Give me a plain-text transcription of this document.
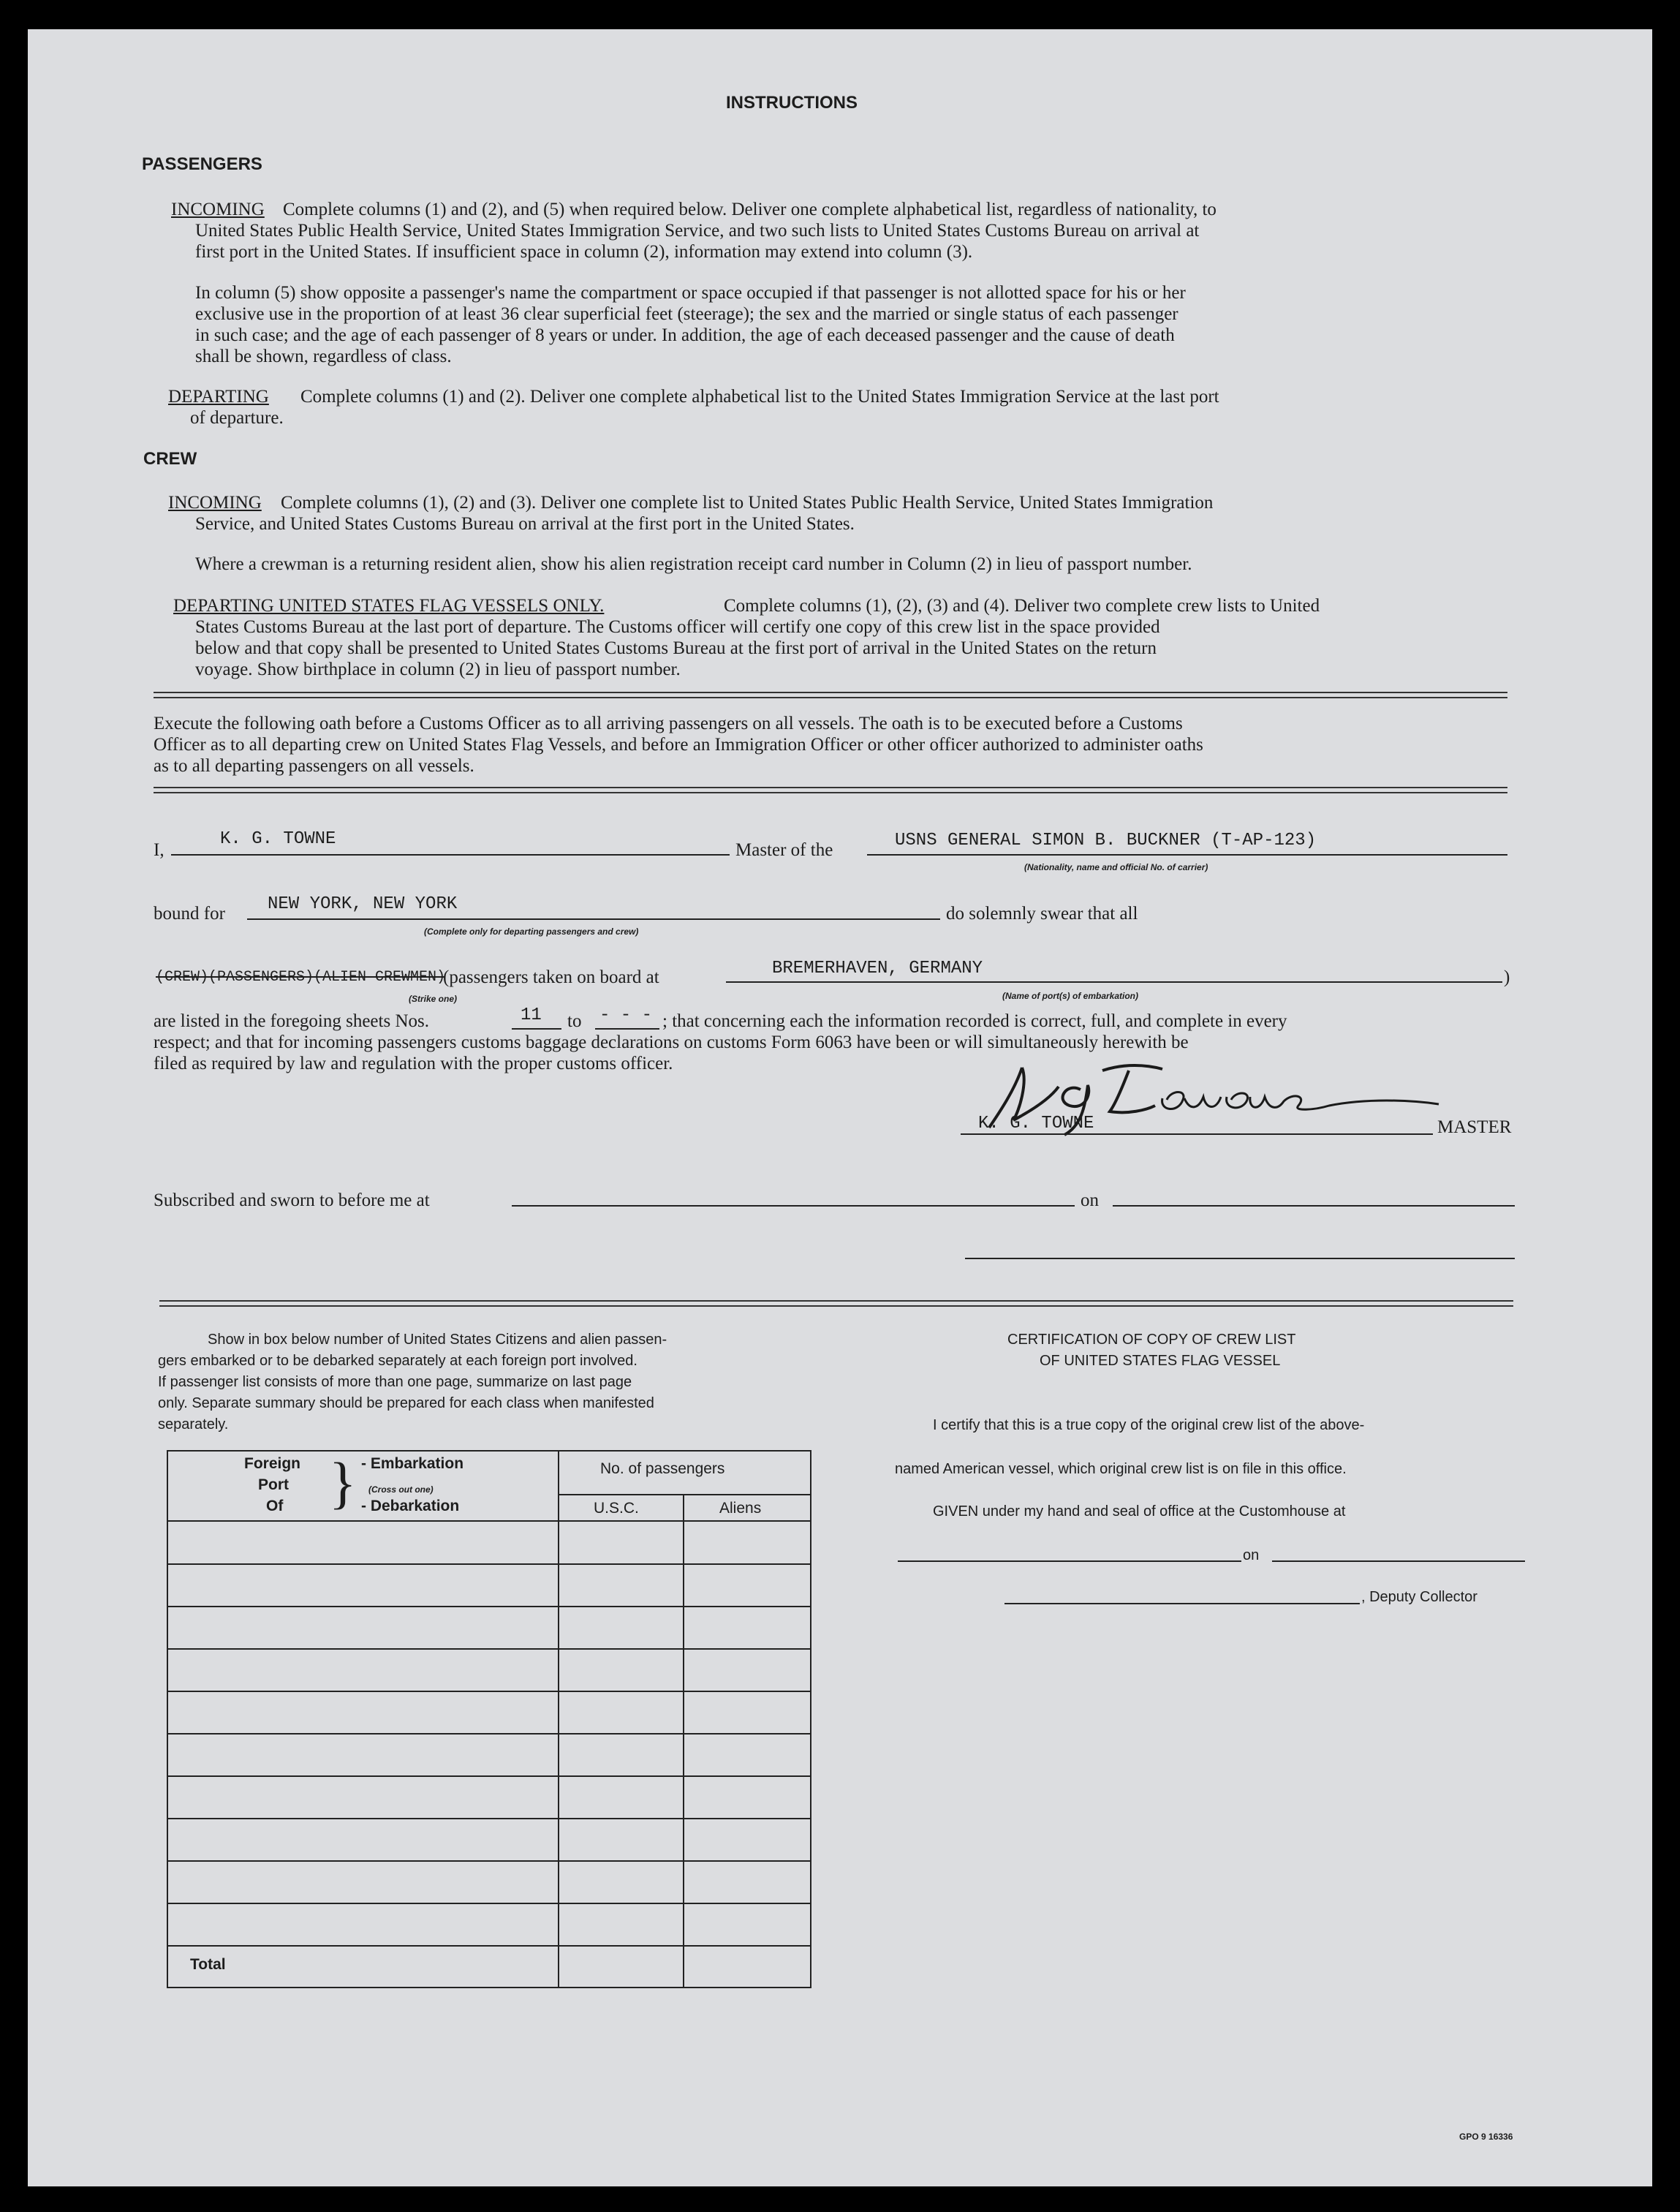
INSTRUCTIONS
PASSENGERS
INCOMING Complete columns (1) and (2), and (5) when required below. Deliver one complete alphabetical list, regardless of nationality, to
United States Public Health Service, United States Immigration Service, and two such lists to United States Customs Bureau on arrival at
first port in the United States. If insufficient space in column (2), information may extend into column (3).
In column (5) show opposite a passenger's name the compartment or space occupied if that passenger is not allotted space for his or her
exclusive use in the proportion of at least 36 clear superficial feet (steerage); the sex and the married or single status of each passenger
in such case; and the age of each passenger of 8 years or under. In addition, the age of each deceased passenger and the cause of death
shall be shown, regardless of class.
DEPARTING Complete columns (1) and (2). Deliver one complete alphabetical list to the United States Immigration Service at the last port
of departure.
CREW
INCOMING Complete columns (1), (2) and (3). Deliver one complete list to United States Public Health Service, United States Immigration
Service, and United States Customs Bureau on arrival at the first port in the United States.
Where a crewman is a returning resident alien, show his alien registration receipt card number in Column (2) in lieu of passport number.
DEPARTING UNITED STATES FLAG VESSELS ONLY.	Complete columns (1), (2), (3) and (4). Deliver two complete crew lists to United
States Customs Bureau at the last port of departure. The Customs officer will certify one copy of this crew list in the space provided
below and that copy shall be presented to United States Customs Bureau at the first port of arrival in the United States on the return
voyage. Show birthplace in column (2) in lieu of passport number.
Execute the following oath before a Customs Officer as to all arriving passengers on all vessels. The oath is to be executed before a Customs
Officer as to all departing crew on United States Flag Vessels, and before an Immigration Officer or other officer authorized to administer oaths
as to all departing passengers on all vessels.
I,
K. G. TOWNE
Master of the	USNS GENERAL SIMON B. BUCKNER (T-AP-123)
(Nationality, name and official No. of carrier)
bound for NEW YORK, NEW YORK
(Complete only for departing passengers and crew)
do solemnly swear that all
(CREW)(PASSENGERS)(ALIEN CREWMEN)
(Strike one)
(passengers taken on board at	BREMERHAVEN, GERMANY
(Name of port(s) of embarkation)
)
are listed in the foregoing sheets Nos.	11 to - - - ; that concerning each the information recorded is correct, full, and complete in every
respect; and that for incoming passengers customs baggage declarations on customs Form 6063 have been or will simultaneously herewith be
filed as required by law and regulation with the proper customs officer.
K. G. TOWNE	MASTER
Subscribed and sworn to before me at	on
Show in box below number of United States Citizens and alien passen-
gers embarked or to be debarked separately at each foreign port involved.
If passenger list consists of more than one page, summarize on last page
only. Separate summary should be prepared for each class when manifested
separately.
Foreign
Port
Of } - Embarkation
(Cross out one)
- Debarkation
No. of passengers
U.S.C.	Aliens
Total
CERTIFICATION OF COPY OF CREW LIST
OF UNITED STATES FLAG VESSEL
I certify that this is a true copy of the original crew list of the above-
named American vessel, which original crew list is on file in this office.
GIVEN under my hand and seal of office at the Customhouse at
on
, Deputy Collector
GPO 9 16336
